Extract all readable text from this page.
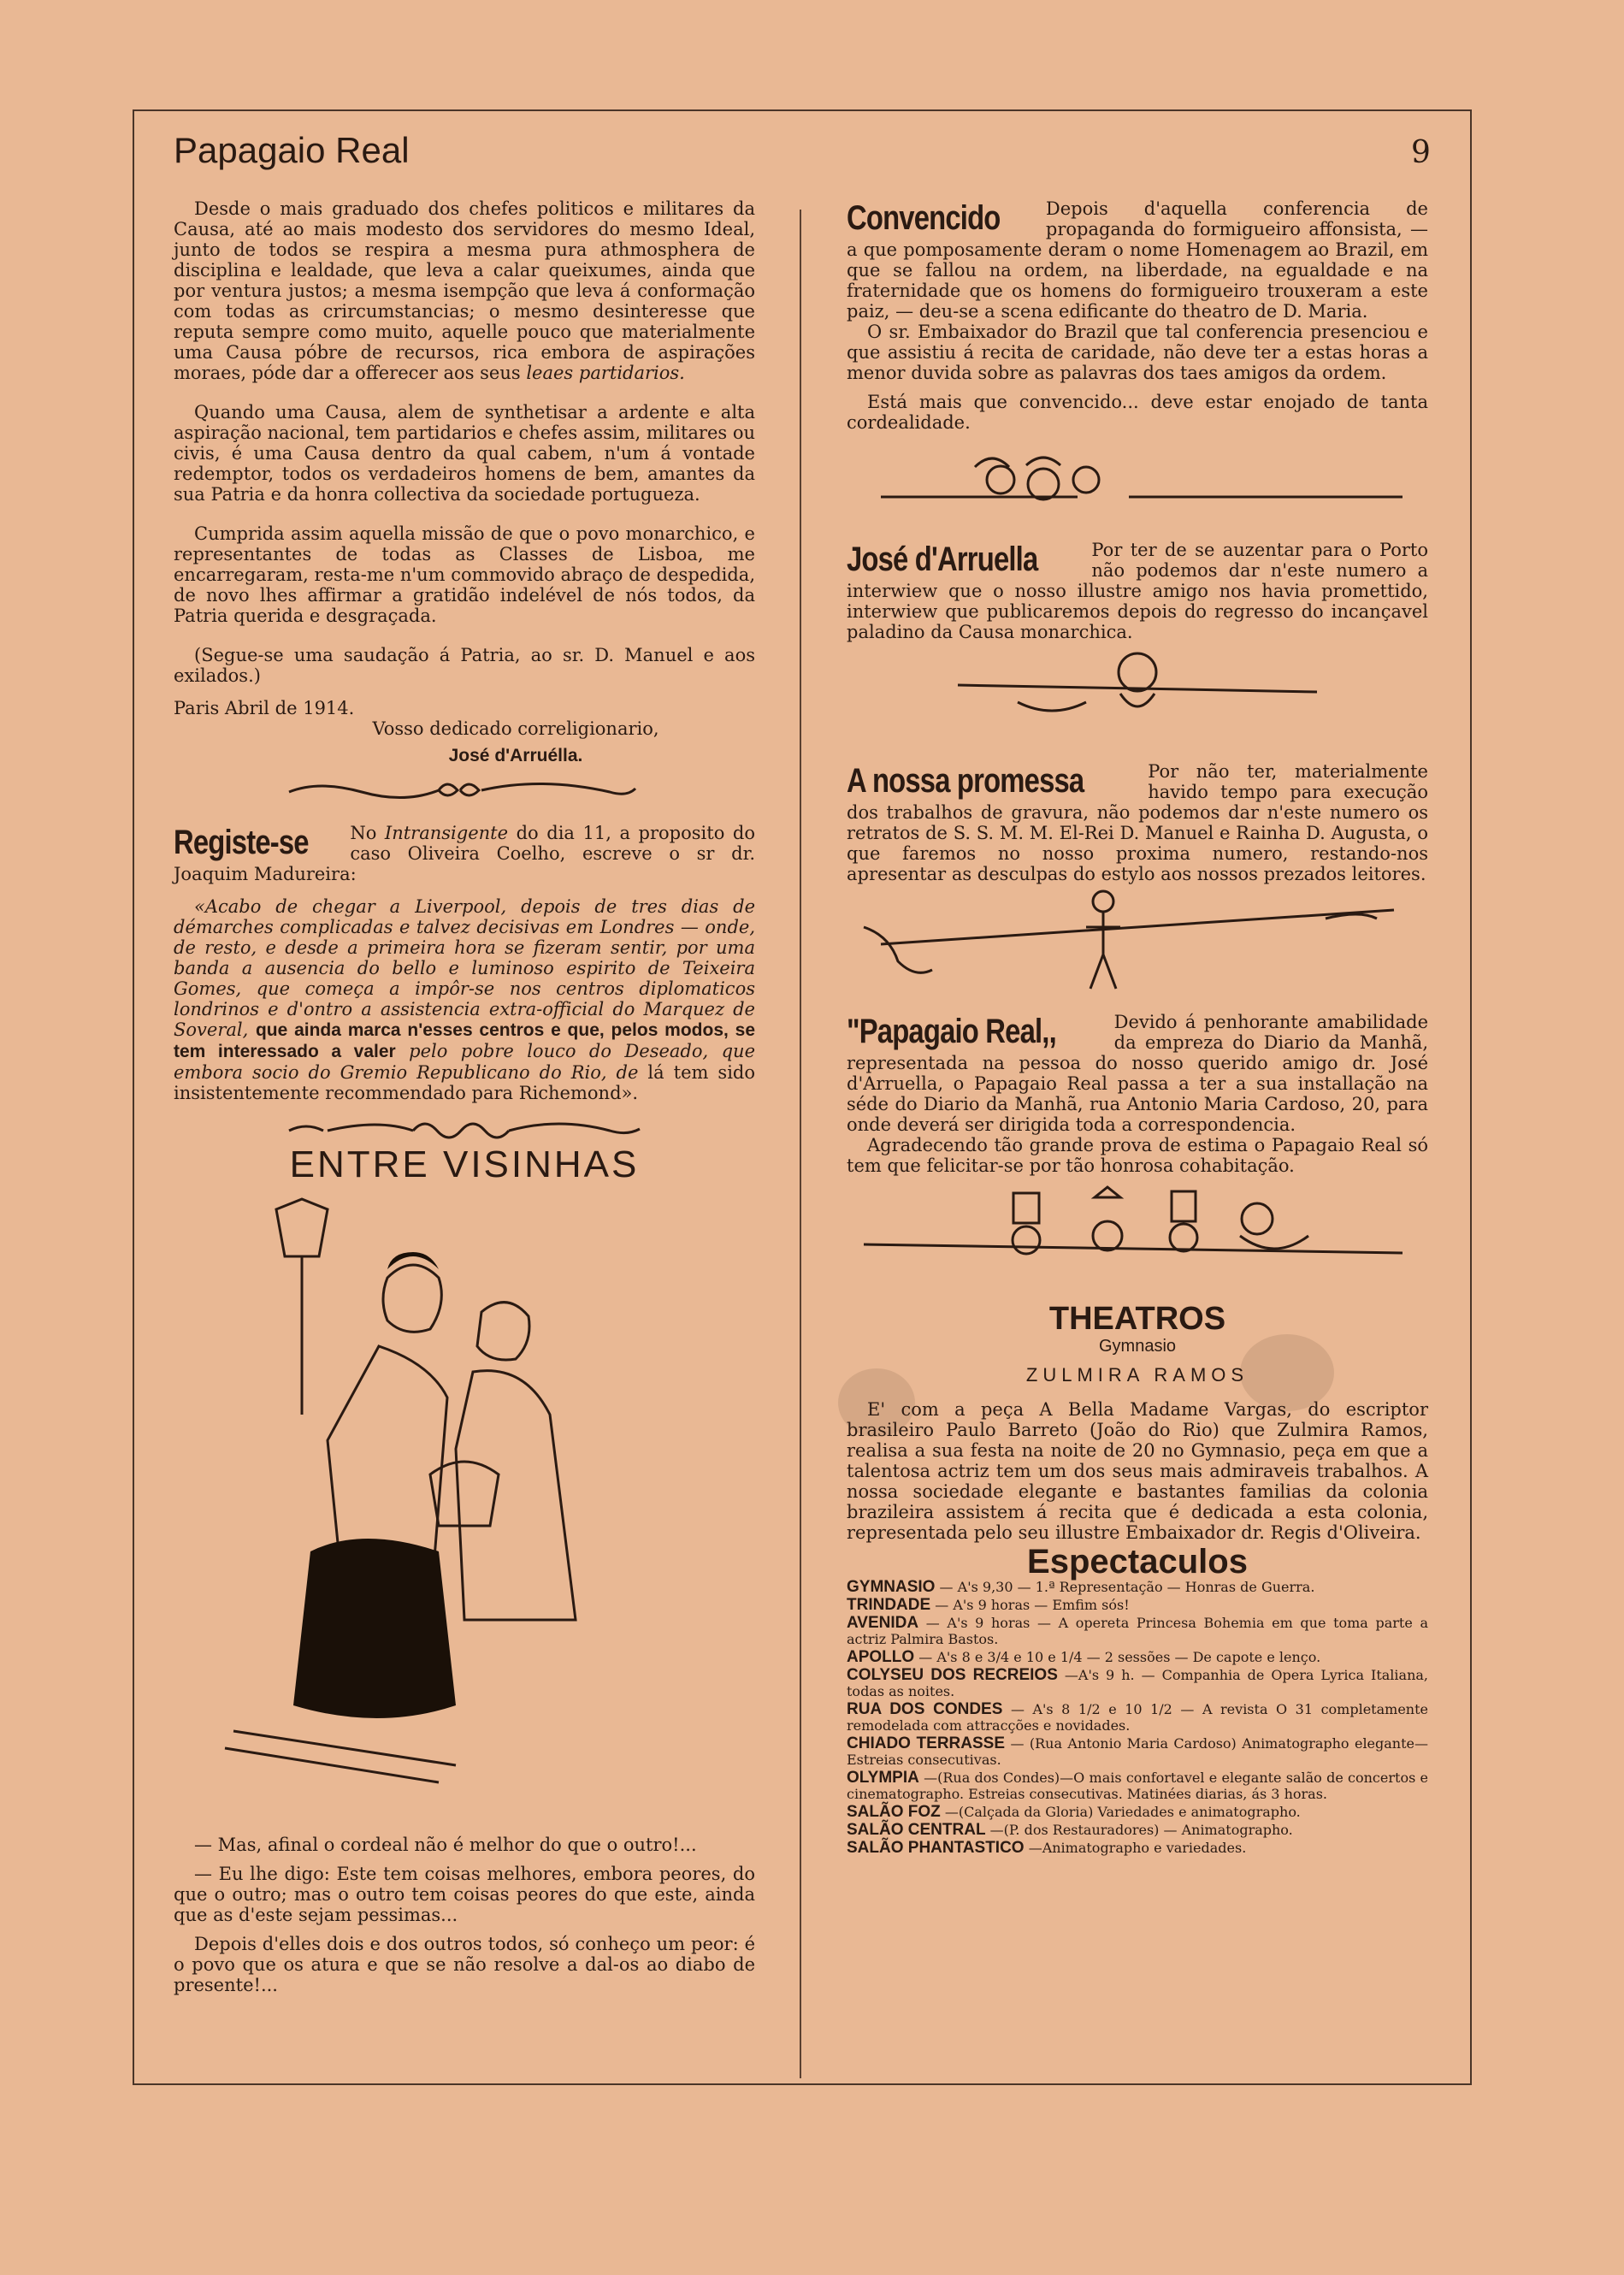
Papagaio Real	9

Desde o mais graduado dos chefes politicos e militares da Causa, até ao mais modesto dos servidores do mesmo Ideal, junto de todos se respira a mesma pura athmosphera de disciplina e lealdade, que leva a calar queixumes, ainda que por ventura justos; a mesma isempção que leva á conformação com todas as crircumstancias; o mesmo desinteresse que reputa sempre como muito, aquelle pouco que materialmente uma Causa póbre de recursos, rica embora de aspirações moraes, póde dar a offerecer aos seus leaes partidarios.

Quando uma Causa, alem de synthetisar a ardente e alta aspiração nacional, tem partidarios e chefes assim, militares ou civis, é uma Causa dentro da qual cabem, n'um á vontade redemptor, todos os verdadeiros homens de bem, amantes da sua Patria e da honra collectiva da sociedade portugueza.

Cumprida assim aquella missão de que o povo monarchico, e representantes de todas as Classes de Lisboa, me encarregaram, resta-me n'um commovido abraço de despedida, de novo lhes affirmar a gratidão indelével de nós todos, da Patria querida e desgraçada.

(Segue-se uma saudação á Patria, ao sr. D. Manuel e aos exilados.)

Paris Abril de 1914.
Vosso dedicado correligionario,
José d'Arruélla.
Registe-se No Intransigente do dia 11, a proposito do caso Oliveira Coelho, escreve o sr dr. Joaquim Madureira:

«Acabo de chegar a Liverpool, depois de tres dias de démarches complicadas e talvez decisivas em Londres — onde, de resto, e desde a primeira hora se fizeram sentir, por uma banda a ausencia do bello e luminoso espirito de Teixeira Gomes, que começa a impôr-se nos centros diplomaticos londrinos e d'ontro a assistencia extra-official do Marquez de Soveral, que ainda marca n'esses centros e que, pelos modos, se tem interessado a valer pelo pobre louco do Deseado, que embora socio do Gremio Republicano do Rio, de lá tem sido insistentemente recommendado para Richemond».

ENTRE VISINHAS

— Mas, afinal o cordeal não é melhor do que o outro!...

— Eu lhe digo: Este tem coisas melhores, embora peores, do que o outro; mas o outro tem coisas peores do que este, ainda que as d'este sejam pessimas...

Depois d'elles dois e dos outros todos, só conheço um peor: é o povo que os atura e que se não resolve a dal-os ao diabo de presente!...

Convencido	Depois d'aquella conferencia de propaganda do formigueiro affonsista, — a que pomposamente deram o nome Homenagem ao Brazil, em que se fallou na ordem, na liberdade, na egualdade e na fraternidade que os homens do formigueiro trouxeram a este paiz, — deu-se a scena edificante do theatro de D. Maria.

O sr. Embaixador do Brazil que tal conferencia presenciou e que assistiu á recita de caridade, não deve ter a estas horas a menor duvida sobre as palavras dos taes amigos da ordem.

Está mais que convencido... deve estar enojado de tanta cordealidade.

José d'Arruella	Por ter de se auzentar para o Porto não podemos dar n'este numero a interwiew que o nosso illustre amigo nos havia promettido, interwiew que publicaremos depois do regresso do incançavel paladino da Causa monarchica.
A nossa promessa	Por não ter, materialmente havido tempo para execução dos trabalhos de gravura, não podemos dar n'este numero os retratos de S. S. M. M. El-Rei D. Manuel e Rainha D. Augusta, o que faremos no nosso proxima numero, restando-nos apresentar as desculpas do estylo aos nossos prezados leitores.
"Papagaio Real,,	Devido á penhorante amabilidade da empreza do Diario da Manhã, representada na pessoa do nosso querido amigo dr. José d'Arruella, o Papagaio Real passa a ter a sua installação na séde do Diario da Manhã, rua Antonio Maria Cardoso, 20, para onde deverá ser dirigida toda a correspondencia.

Agradecendo tão grande prova de estima o Papagaio Real só tem que felicitar-se por tão honrosa cohabitação.

THEATROS
Gymnasio
ZULMIRA RAMOS

E' com a peça A Bella Madame Vargas, do escriptor brasileiro Paulo Barreto (João do Rio) que Zulmira Ramos, realisa a sua festa na noite de 20 no Gymnasio, peça em que a talentosa actriz tem um dos seus mais admiraveis trabalhos. A nossa sociedade elegante e bastantes familias da colonia brazileira assistem á recita que é dedicada a esta colonia, representada pelo seu illustre Embaixador dr. Regis d'Oliveira.

Espectaculos
GYMNASIO — A's 9,30 — 1.ª Representação — Honras de Guerra.
TRINDADE — A's 9 horas — Emfim sós!
AVENIDA — A's 9 horas — A opereta Princesa Bohemia em que toma parte a actriz Palmira Bastos.
APOLLO — A's 8 e 3/4 e 10 e 1/4 — 2 sessões — De capote e lenço.
COLYSEU DOS RECREIOS —A's 9 h. — Companhia de Opera Lyrica Italiana, todas as noites.
RUA DOS CONDES — A's 8 1/2 e 10 1/2 — A revista O 31 completamente remodelada com attracções e novidades.
CHIADO TERRASSE — (Rua Antonio Maria Cardoso) Animatographo elegante—Estreias consecutivas.
OLYMPIA —(Rua dos Condes)—O mais confortavel e elegante salão de concertos e cinematographo. Estreias consecutivas. Matinées diarias, ás 3 horas.
SALÃO FOZ —(Calçada da Gloria) Variedades e animatographo.
SALÃO CENTRAL —(P. dos Restauradores) — Animatographo.
SALÃO PHANTASTICO —Animatographo e variedades.
